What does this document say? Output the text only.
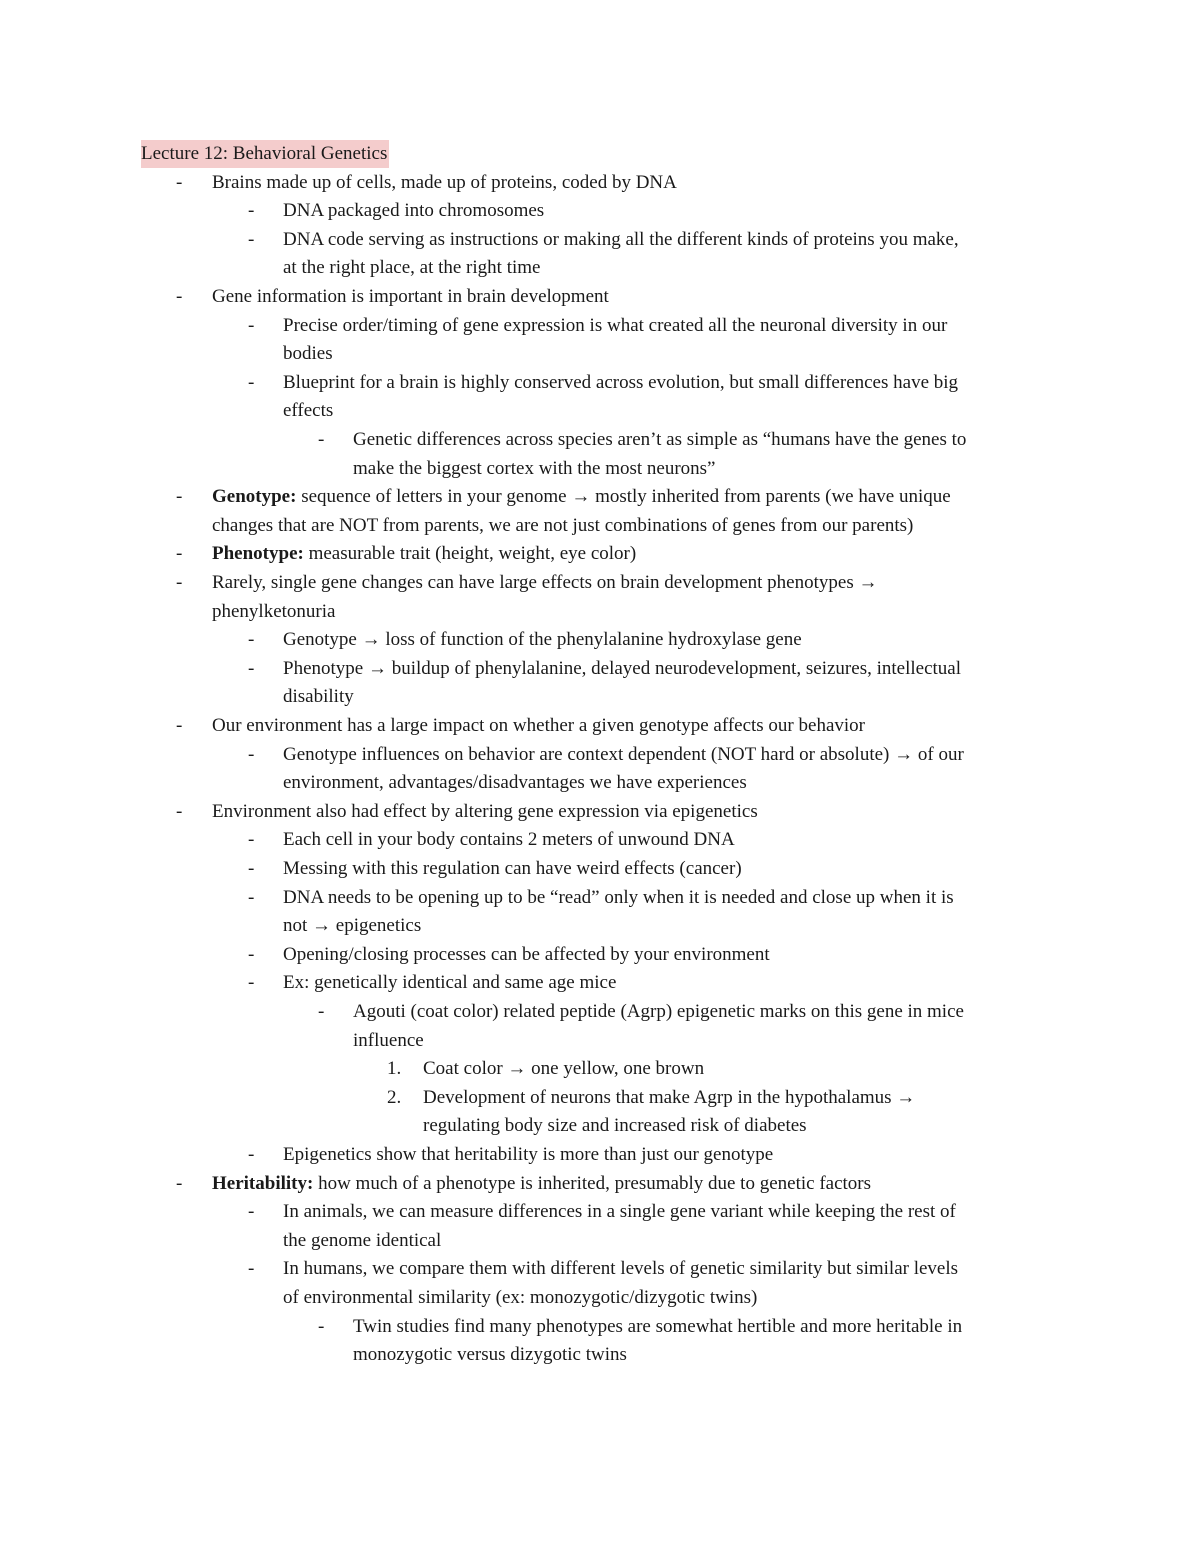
Lecture 12: Behavioral Genetics
- Brains made up of cells, made up of proteins, coded by DNA
- DNA packaged into chromosomes
- DNA code serving as instructions or making all the different kinds of proteins you make,
at the right place, at the right time
- Gene information is important in brain development
- Precise order/timing of gene expression is what created all the neuronal diversity in our
bodies
- Blueprint for a brain is highly conserved across evolution, but small differences have big
effects
- Genetic differences across species aren’t as simple as “humans have the genes to
make the biggest cortex with the most neurons”
- Genotype: sequence of letters in your genome → mostly inherited from parents (we have unique
changes that are NOT from parents, we are not just combinations of genes from our parents)
- Phenotype: measurable trait (height, weight, eye color)
- Rarely, single gene changes can have large effects on brain development phenotypes →
phenylketonuria
- Genotype → loss of function of the phenylalanine hydroxylase gene
- Phenotype → buildup of phenylalanine, delayed neurodevelopment, seizures, intellectual
disability
- Our environment has a large impact on whether a given genotype affects our behavior
- Genotype influences on behavior are context dependent (NOT hard or absolute) → of our
environment, advantages/disadvantages we have experiences
- Environment also had effect by altering gene expression via epigenetics
- Each cell in your body contains 2 meters of unwound DNA
- Messing with this regulation can have weird effects (cancer)
- DNA needs to be opening up to be “read” only when it is needed and close up when it is
not → epigenetics
- Opening/closing processes can be affected by your environment
- Ex: genetically identical and same age mice
- Agouti (coat color) related peptide (Agrp) epigenetic marks on this gene in mice
influence
1. Coat color → one yellow, one brown
2. Development of neurons that make Agrp in the hypothalamus →
regulating body size and increased risk of diabetes
- Epigenetics show that heritability is more than just our genotype
- Heritability: how much of a phenotype is inherited, presumably due to genetic factors
- In animals, we can measure differences in a single gene variant while keeping the rest of
the genome identical
- In humans, we compare them with different levels of genetic similarity but similar levels
of environmental similarity (ex: monozygotic/dizygotic twins)
- Twin studies find many phenotypes are somewhat hertible and more heritable in
monozygotic versus dizygotic twins
